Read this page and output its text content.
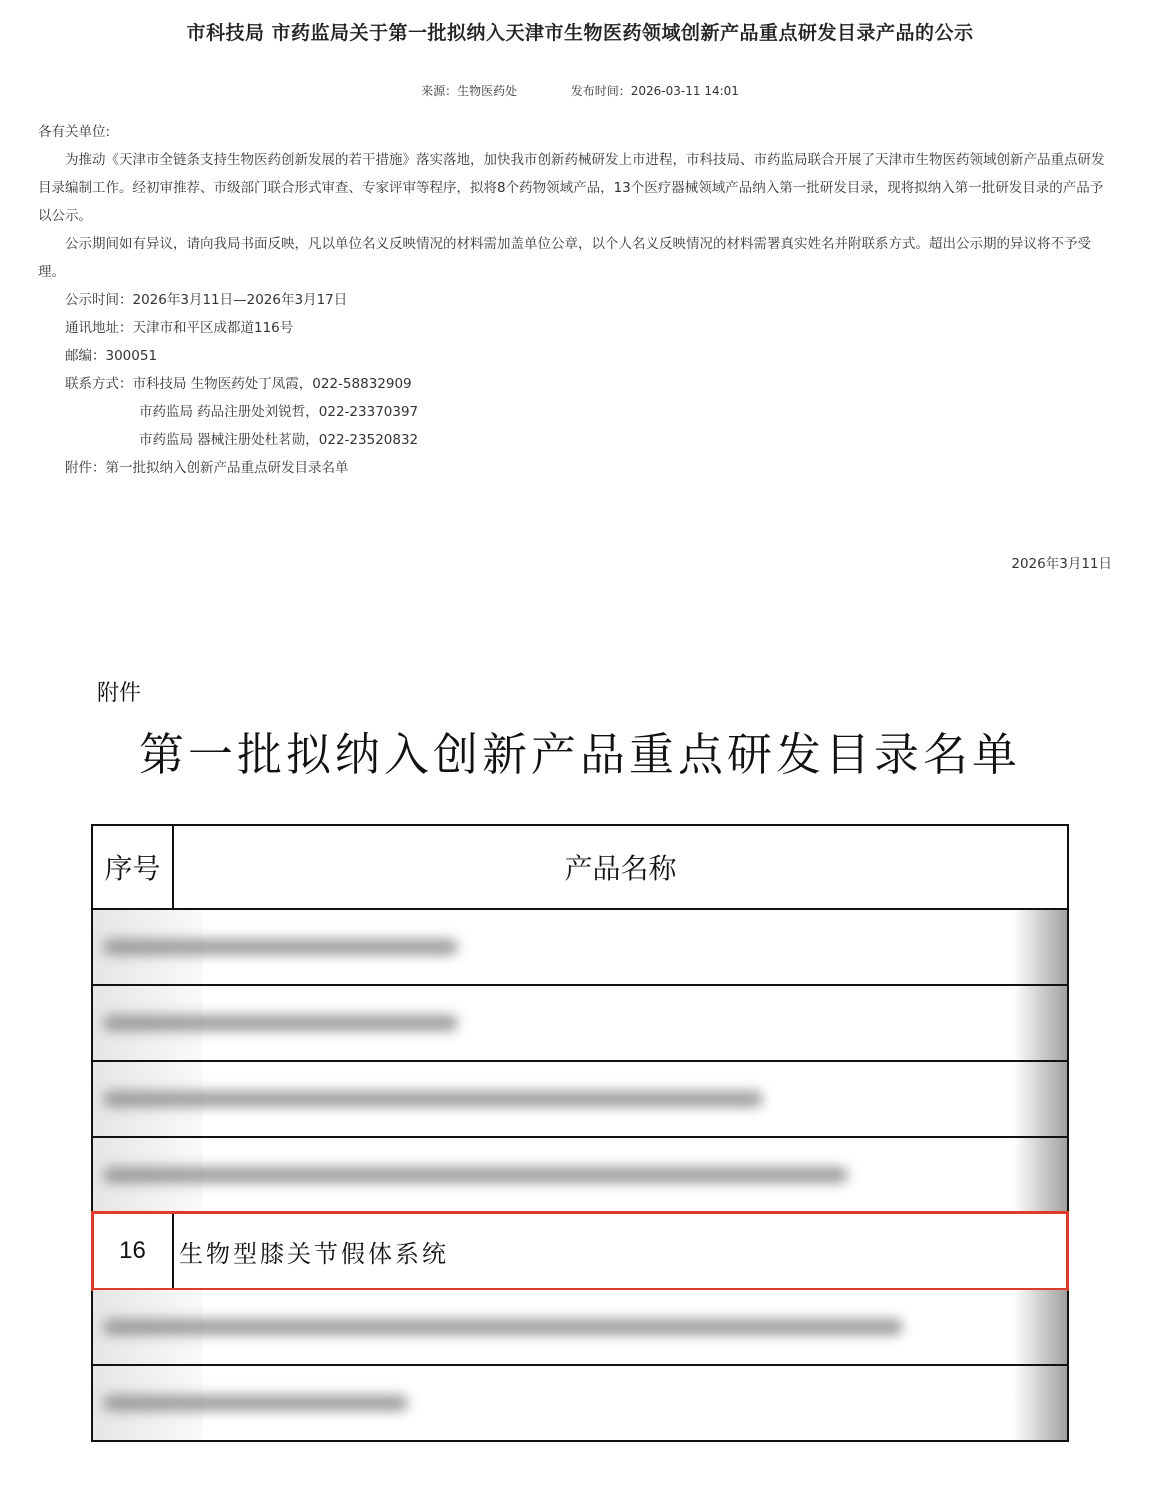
市科技局 市药监局关于第一批拟纳入天津市生物医药领域创新产品重点研发目录产品的公示
来源：生物医药处	发布时间：2026-03-11 14:01

各有关单位:

为推动《天津市全链条支持生物医药创新发展的若干措施》落实落地，加快我市创新药械研发上市进程，市科技局、市药监局联合开展了天津市生物医药领域创新产品重点研发目录编制工作。经初审推荐、市级部门联合形式审查、专家评审等程序，拟将8个药物领域产品，13个医疗器械领域产品纳入第一批研发目录，现将拟纳入第一批研发目录的产品予以公示。

公示期间如有异议，请向我局书面反映，凡以单位名义反映情况的材料需加盖单位公章，以个人名义反映情况的材料需署真实姓名并附联系方式。超出公示期的异议将不予受理。

公示时间：2026年3月11日—2026年3月17日

通讯地址：天津市和平区成都道116号

邮编：300051

联系方式：市科技局 生物医药处丁凤霞，022-58832909

市药监局 药品注册处刘锐哲，022-23370397

市药监局 器械注册处杜茗勋，022-23520832

附件：第一批拟纳入创新产品重点研发目录名单

2026年3月11日
附件
第一批拟纳入创新产品重点研发目录名单
序号	产品名称
16	生物型膝关节假体系统
